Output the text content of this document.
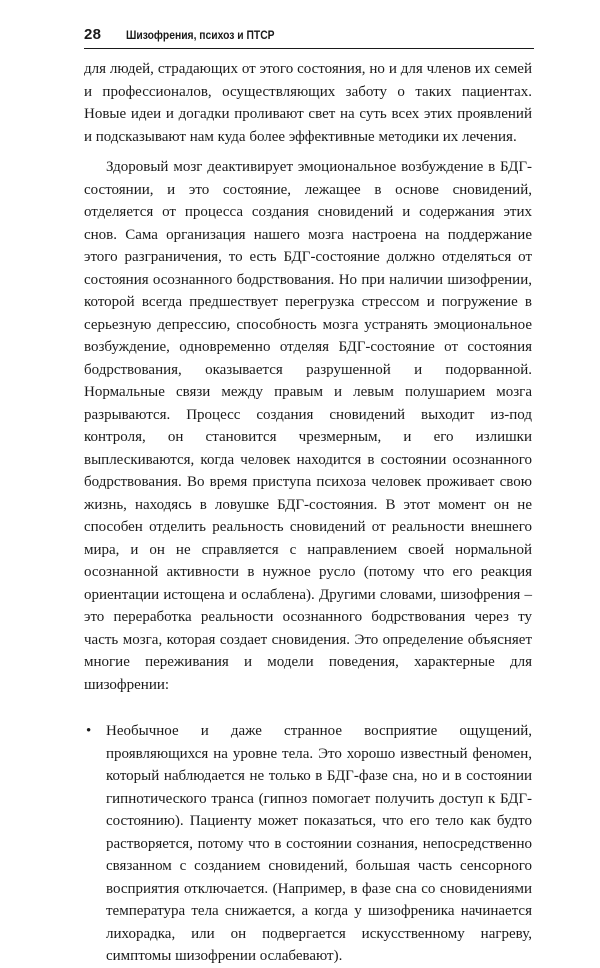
28 Шизофрения, психоз и ПТСР

для людей, страдающих от этого состояния, но и для членов их семей и профессионалов, осуществляющих заботу о таких пациентах. Новые идеи и догадки проливают свет на суть всех этих проявлений и подсказывают нам куда более эффективные методики их лечения.

Здоровый мозг деактивирует эмоциональное возбуждение в БДГ-состоянии, и это состояние, лежащее в основе сновидений, отделяется от процесса создания сновидений и содержания этих снов. Сама организация нашего мозга настроена на поддержание этого разграничения, то есть БДГ-состояние должно отделяться от состояния осознанного бодрствования. Но при наличии шизофрении, которой всегда предшествует перегрузка стрессом и погружение в серьезную депрессию, способность мозга устранять эмоциональное возбуждение, одновременно отделяя БДГ-состояние от состояния бодрствования, оказывается разрушенной и подорванной. Нормальные связи между правым и левым полушарием мозга разрываются. Процесс создания сновидений выходит из-под контроля, он становится чрезмерным, и его излишки выплескиваются, когда человек находится в состоянии осознанного бодрствования. Во время приступа психоза человек проживает свою жизнь, находясь в ловушке БДГ-состояния. В этот момент он не способен отделить реальность сновидений от реальности внешнего мира, и он не справляется с направлением своей нормальной осознанной активности в нужное русло (потому что его реакция ориентации истощена и ослаблена). Другими словами, шизофрения – это переработка реальности осознанного бодрствования через ту часть мозга, которая создает сновидения. Это определение объясняет многие переживания и модели поведения, характерные для шизофрении:

• Необычное и даже странное восприятие ощущений, проявляющихся на уровне тела. Это хорошо известный феномен, который наблюдается не только в БДГ-фазе сна, но и в состоянии гипнотического транса (гипноз помогает получить доступ к БДГ-состоянию). Пациенту может показаться, что его тело как будто растворяется, потому что в состоянии сознания, непосредственно связанном с созданием сновидений, большая часть сенсорного восприятия отключается. (Например, в фазе сна со сновидениями температура тела снижается, а когда у шизофреника начинается лихорадка, или он подвергается искусственному нагреву, симптомы шизофрении ослабевают).
